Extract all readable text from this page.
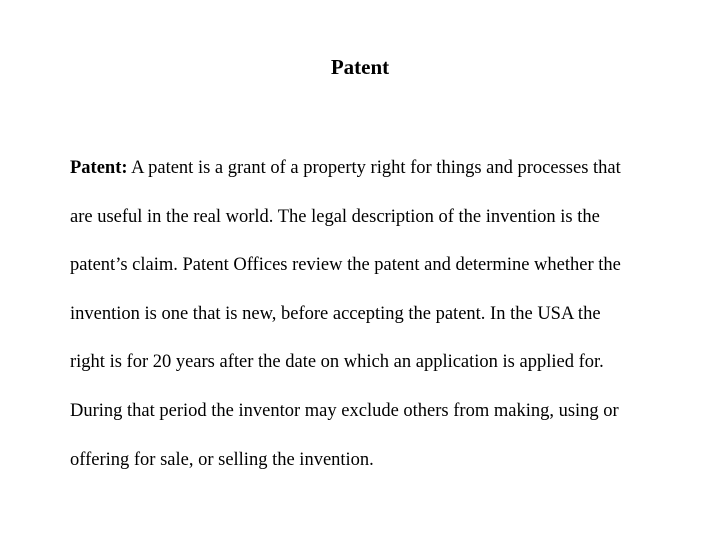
Patent
Patent: A patent is a grant of a property right for things and processes that
are useful in the real world. The legal description of the invention is the
patent’s claim. Patent Offices review the patent and determine whether the
invention is one that is new, before accepting the patent. In the USA the
right is for 20 years after the date on which an application is applied for.
During that period the inventor may exclude others from making, using or
offering for sale, or selling the invention.
